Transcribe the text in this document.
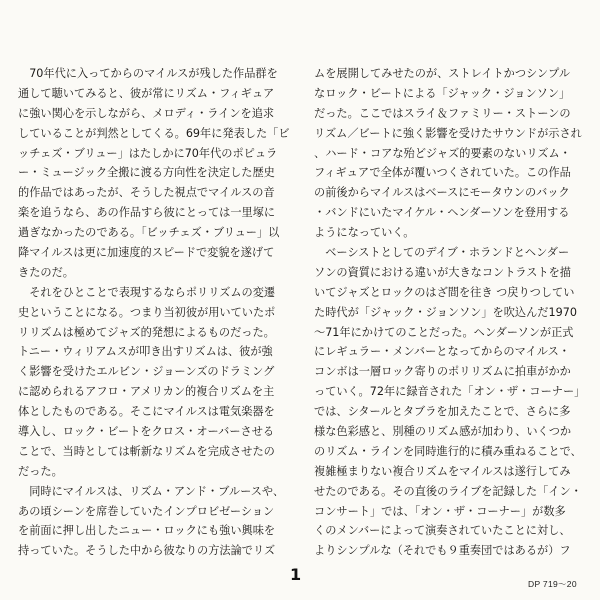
　70年代に入ってからのマイルスが残した作品群を
通して聴いてみると、彼が常にリズム・フィギュア
に強い関心を示しながら、メロディ・ラインを追求
していることが判然としてくる。69年に発表した「ビ
ッチェズ・ブリュー」はたしかに70年代のポピュラ
ー・ミュージック全搬に渡る方向性を決定した歴史
的作品ではあったが、そうした視点でマイルスの音
楽を追うなら、あの作品すら彼にとっては一里塚に
過ぎなかったのである。「ビッチェズ・ブリュー」以
降マイルスは更に加速度的スピードで変貌を遂げて
きたのだ。
　それをひとことで表現するならポリリズムの変遷
史ということになる。つまり当初彼が用いていたポ
リリズムは極めてジャズ的発想によるものだった。
トニー・ウィリアムスが叩き出すリズムは、彼が強
く影響を受けたエルビン・ジョーンズのドラミング
に認められるアフロ・アメリカン的複合リズムを主
体としたものである。そこにマイルスは電気楽器を
導入し、ロック・ビートをクロス・オーバーさせる
ことで、当時としては斬新なリズムを完成させたの
だった。
　同時にマイルスは、リズム・アンド・ブルースや、
あの頃シーンを席巻していたインプロビゼーション
を前面に押し出したニュー・ロックにも強い興味を
持っていた。そうした中から彼なりの方法論でリズ
ムを展開してみせたのが、ストレイトかつシンプル
なロック・ビートによる「ジャック・ジョンソン」
だった。ここではスライ＆ファミリー・ストーンの
リズム／ビートに強く影響を受けたサウンドが示され
、ハード・コアな殆どジャズ的要素のないリズム・
フィギュアで全体が覆いつくされていた。この作品
の前後からマイルスはベースにモータウンのバック
・バンドにいたマイケル・ヘンダーソンを登用する
ようになっていく。
　ベーシストとしてのデイブ・ホランドとヘンダー
ソンの資質における違いが大きなコントラストを描
いてジャズとロックのはざ間を往き つ戻りつしてい
た時代が「ジャック・ジョンソン」を吹込んだ1970
〜71年にかけてのことだった。ヘンダーソンが正式
にレギュラー・メンバーとなってからのマイルス・
コンボは一層ロック寄りのポリリズムに拍車がかか
っていく。72年に録音された「オン・ザ・コーナー」
では、シタールとタブラを加えたことで、さらに多
様な色彩感と、別種のリズム感が加わり、いくつか
のリズム・ラインを同時進行的に積み重ねることで、
複雑極まりない複合リズムをマイルスは遂行してみ
せたのである。その直後のライブを記録した「イン・
コンサート」では、「オン・ザ・コーナー」が数多
くのメンバーによって演奏されていたことに対し、
よりシンプルな（それでも９重奏団ではあるが）フ
1	DP 719〜20
